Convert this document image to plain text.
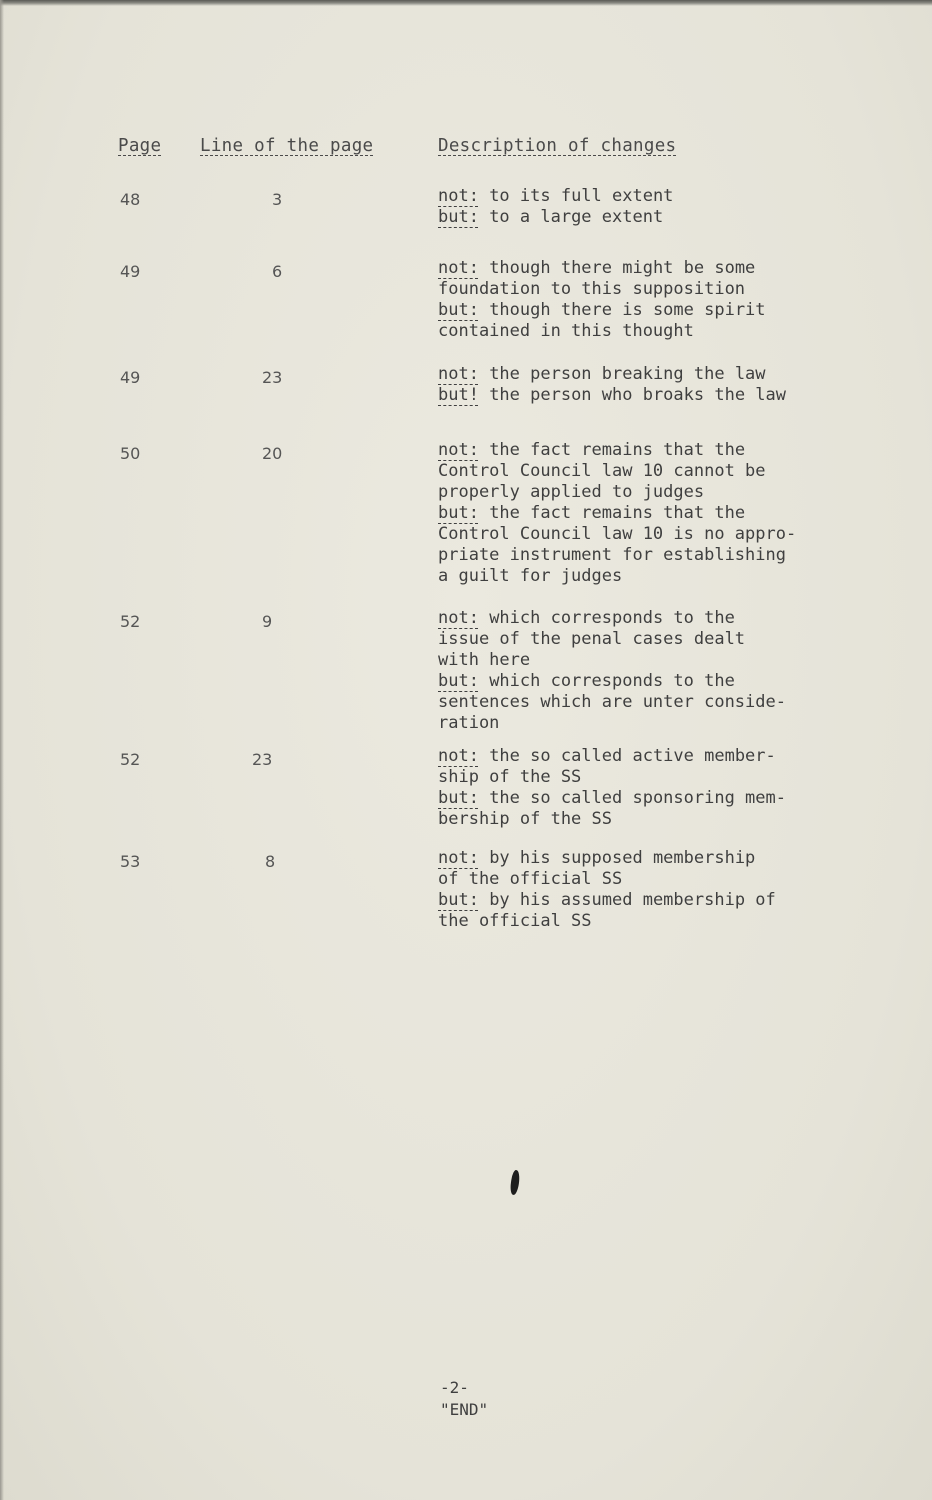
Page Line of the page	Description of changes
48	3	not: to its full extent
but: to a large extent
49	6	not: though there might be some
foundation to this supposition
but: though there is some spirit
contained in this thought
49	23	not: the person breaking the law
but! the person who broaks the law
50	20	not: the fact remains that the
Control Council law 10 cannot be
properly applied to judges
but: the fact remains that the
Control Council law 10 is no appro-
priate instrument for establishing
a guilt for judges
52	9	not: which corresponds to the
issue of the penal cases dealt
with here
but: which corresponds to the
sentences which are unter conside-
ration
52	23	not: the so called active member-
ship of the SS
but: the so called sponsoring mem-
bership of the SS
53	8	not: by his supposed membership
of the official SS
but: by his assumed membership of
the official SS
-2-
"END"
